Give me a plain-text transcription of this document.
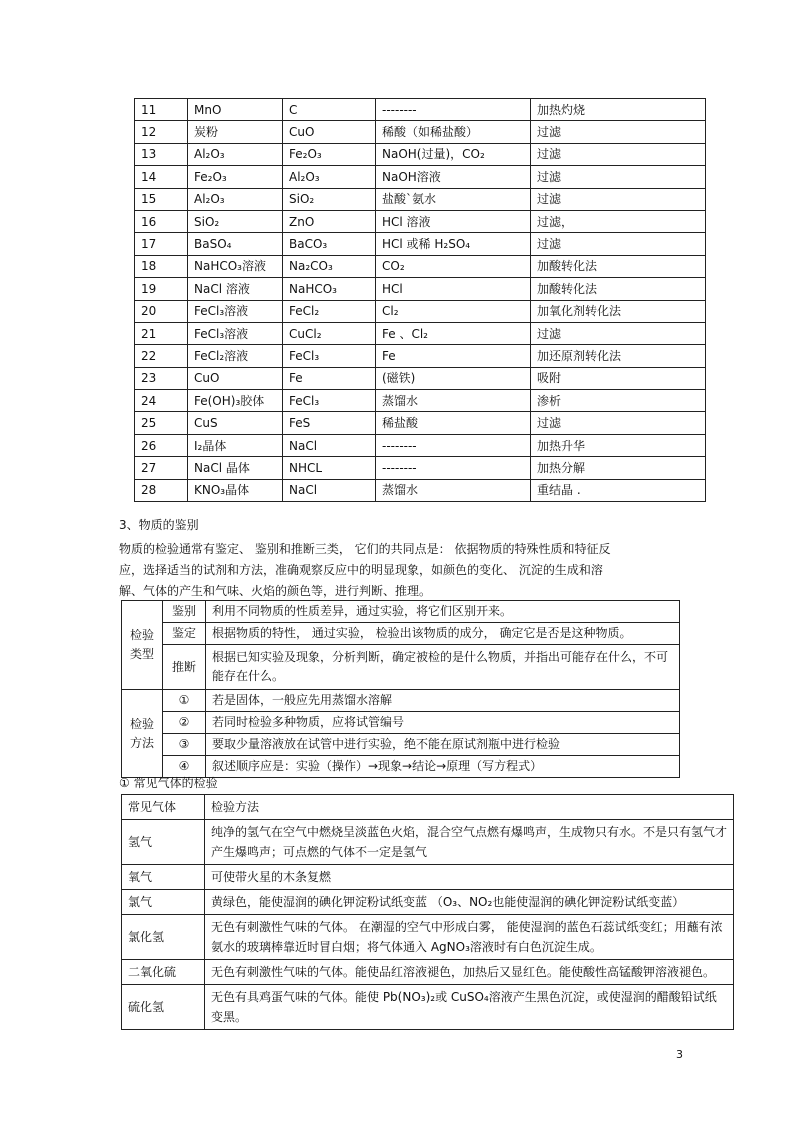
11	MnO	C	--------	加热灼烧
12	炭粉	CuO	稀酸（如稀盐酸）	过滤
13	Al₂O₃	Fe₂O₃	NaOH(过量)，CO₂	过滤
14	Fe₂O₃	Al₂O₃	NaOH溶液	过滤
15	Al₂O₃	SiO₂	盐酸`氨水	过滤
16	SiO₂	ZnO	HCl 溶液	过滤，
17	BaSO₄	BaCO₃	HCl 或稀 H₂SO₄	过滤
18	NaHCO₃溶液	Na₂CO₃	CO₂	加酸转化法
19	NaCl 溶液	NaHCO₃	HCl	加酸转化法
20	FeCl₃溶液	FeCl₂	Cl₂	加氧化剂转化法
21	FeCl₃溶液	CuCl₂	Fe 、Cl₂	过滤
22	FeCl₂溶液	FeCl₃	Fe	加还原剂转化法
23	CuO	Fe	(磁铁)	吸附
24	Fe(OH)₃胶体	FeCl₃	蒸馏水	渗析
25	CuS	FeS	稀盐酸	过滤
26	I₂晶体	NaCl	--------	加热升华
27	NaCl 晶体	NHCL	--------	加热分解
28	KNO₃晶体	NaCl	蒸馏水	重结晶 .
3、物质的鉴别
物质的检验通常有鉴定、 鉴别和推断三类， 它们的共同点是： 依据物质的特殊性质和特征反
应，选择适当的试剂和方法，准确观察反应中的明显现象，如颜色的变化、 沉淀的生成和溶
解、气体的产生和气味、火焰的颜色等，进行判断、推理。
检验类型	鉴别	利用不同物质的性质差异，通过实验，将它们区别开来。
	鉴定	根据物质的特性， 通过实验， 检验出该物质的成分， 确定它是否是这种物质。
	推断	根据已知实验及现象，分析判断，确定被检的是什么物质，并指出可能存在什么，不可能存在什么。
检验方法	①	若是固体，一般应先用蒸馏水溶解
	②	若同时检验多种物质，应将试管编号
	③	要取少量溶液放在试管中进行实验，绝不能在原试剂瓶中进行检验
	④	叙述顺序应是：实验（操作）→现象→结论→原理（写方程式）
① 常见气体的检验
常见气体	检验方法
氢气	纯净的氢气在空气中燃烧呈淡蓝色火焰，混合空气点燃有爆鸣声，生成物只有水。不是只有氢气才产生爆鸣声；可点燃的气体不一定是氢气
氧气	可使带火星的木条复燃
氯气	黄绿色，能使湿润的碘化钾淀粉试纸变蓝 （O₃、NO₂也能使湿润的碘化钾淀粉试纸变蓝）
氯化氢	无色有刺激性气味的气体。 在潮湿的空气中形成白雾， 能使湿润的蓝色石蕊试纸变红；用蘸有浓氨水的玻璃棒靠近时冒白烟；将气体通入 AgNO₃溶液时有白色沉淀生成。
二氧化硫	无色有刺激性气味的气体。能使品红溶液褪色，加热后又显红色。能使酸性高锰酸钾溶液褪色。
硫化氢	无色有具鸡蛋气味的气体。能使 Pb(NO₃)₂或 CuSO₄溶液产生黑色沉淀，或使湿润的醋酸铅试纸变黑。
3
